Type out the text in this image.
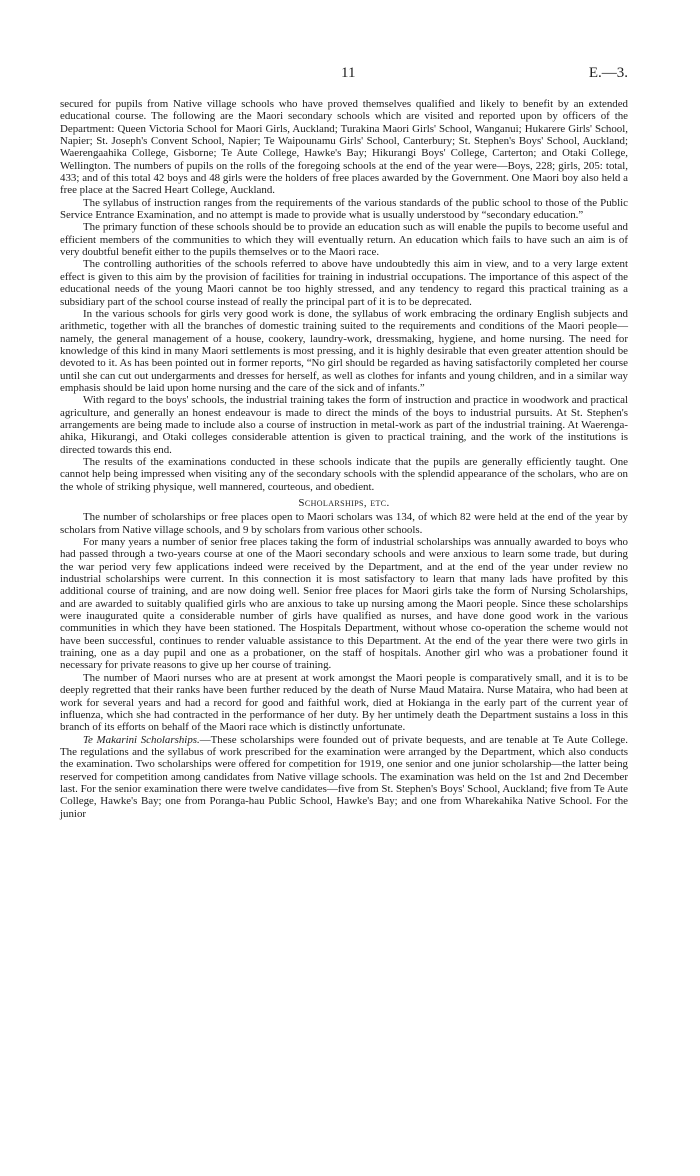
11	E.—3.

secured for pupils from Native village schools who have proved themselves qualified and likely to benefit by an extended educational course. The following are the Maori secondary schools which are visited and reported upon by officers of the Department: Queen Victoria School for Maori Girls, Auckland; Turakina Maori Girls' School, Wanganui; Hukarere Girls' School, Napier; St. Joseph's Convent School, Napier; Te Waipounamu Girls' School, Canterbury; St. Stephen's Boys' School, Auckland; Waerengaahika College, Gisborne; Te Aute College, Hawke's Bay; Hikurangi Boys' College, Carterton; and Otaki College, Wellington. The numbers of pupils on the rolls of the foregoing schools at the end of the year were—Boys, 228; girls, 205: total, 433; and of this total 42 boys and 48 girls were the holders of free places awarded by the Government. One Maori boy also held a free place at the Sacred Heart College, Auckland.

The syllabus of instruction ranges from the requirements of the various standards of the public school to those of the Public Service Entrance Examination, and no attempt is made to provide what is usually understood by “secondary education.”

The primary function of these schools should be to provide an education such as will enable the pupils to become useful and efficient members of the communities to which they will eventually return. An education which fails to have such an aim is of very doubtful benefit either to the pupils themselves or to the Maori race.

The controlling authorities of the schools referred to above have undoubtedly this aim in view, and to a very large extent effect is given to this aim by the provision of facilities for training in industrial occupations. The importance of this aspect of the educational needs of the young Maori cannot be too highly stressed, and any tendency to regard this practical training as a subsidiary part of the school course instead of really the principal part of it is to be deprecated.

In the various schools for girls very good work is done, the syllabus of work embracing the ordinary English subjects and arithmetic, together with all the branches of domestic training suited to the requirements and conditions of the Maori people—namely, the general management of a house, cookery, laundry-work, dressmaking, hygiene, and home nursing. The need for knowledge of this kind in many Maori settlements is most pressing, and it is highly desirable that even greater attention should be devoted to it. As has been pointed out in former reports, “No girl should be regarded as having satisfactorily completed her course until she can cut out undergarments and dresses for herself, as well as clothes for infants and young children, and in a similar way emphasis should be laid upon home nursing and the care of the sick and of infants.”

With regard to the boys' schools, the industrial training takes the form of instruction and practice in woodwork and practical agriculture, and generally an honest endeavour is made to direct the minds of the boys to industrial pursuits. At St. Stephen's arrangements are being made to include also a course of instruction in metal-work as part of the industrial training. At Waerenga-ahika, Hikurangi, and Otaki colleges considerable attention is given to practical training, and the work of the institutions is directed towards this end.

The results of the examinations conducted in these schools indicate that the pupils are generally efficiently taught. One cannot help being impressed when visiting any of the secondary schools with the splendid appearance of the scholars, who are on the whole of striking physique, well mannered, courteous, and obedient.

Scholarships, etc.

The number of scholarships or free places open to Maori scholars was 134, of which 82 were held at the end of the year by scholars from Native village schools, and 9 by scholars from various other schools.

For many years a number of senior free places taking the form of industrial scholarships was annually awarded to boys who had passed through a two-years course at one of the Maori secondary schools and were anxious to learn some trade, but during the war period very few applications indeed were received by the Department, and at the end of the year under review no industrial scholarships were current. In this connection it is most satisfactory to learn that many lads have profited by this additional course of training, and are now doing well. Senior free places for Maori girls take the form of Nursing Scholarships, and are awarded to suitably qualified girls who are anxious to take up nursing among the Maori people. Since these scholarships were inaugurated quite a considerable number of girls have qualified as nurses, and have done good work in the various communities in which they have been stationed. The Hospitals Department, without whose co-operation the scheme would not have been successful, continues to render valuable assistance to this Department. At the end of the year there were two girls in training, one as a day pupil and one as a probationer, on the staff of hospitals. Another girl who was a probationer found it necessary for private reasons to give up her course of training.

The number of Maori nurses who are at present at work amongst the Maori people is comparatively small, and it is to be deeply regretted that their ranks have been further reduced by the death of Nurse Maud Mataira. Nurse Mataira, who had been at work for several years and had a record for good and faithful work, died at Hokianga in the early part of the current year of influenza, which she had contracted in the performance of her duty. By her untimely death the Department sustains a loss in this branch of its efforts on behalf of the Maori race which is distinctly unfortunate.

Te Makarini Scholarships.—These scholarships were founded out of private bequests, and are tenable at Te Aute College. The regulations and the syllabus of work prescribed for the examination were arranged by the Department, which also conducts the examination. Two scholarships were offered for competition for 1919, one senior and one junior scholarship—the latter being reserved for competition among candidates from Native village schools. The examination was held on the 1st and 2nd December last. For the senior examination there were twelve candidates—five from St. Stephen's Boys' School, Auckland; five from Te Aute College, Hawke's Bay; one from Poranga-hau Public School, Hawke's Bay; and one from Wharekahika Native School. For the junior
